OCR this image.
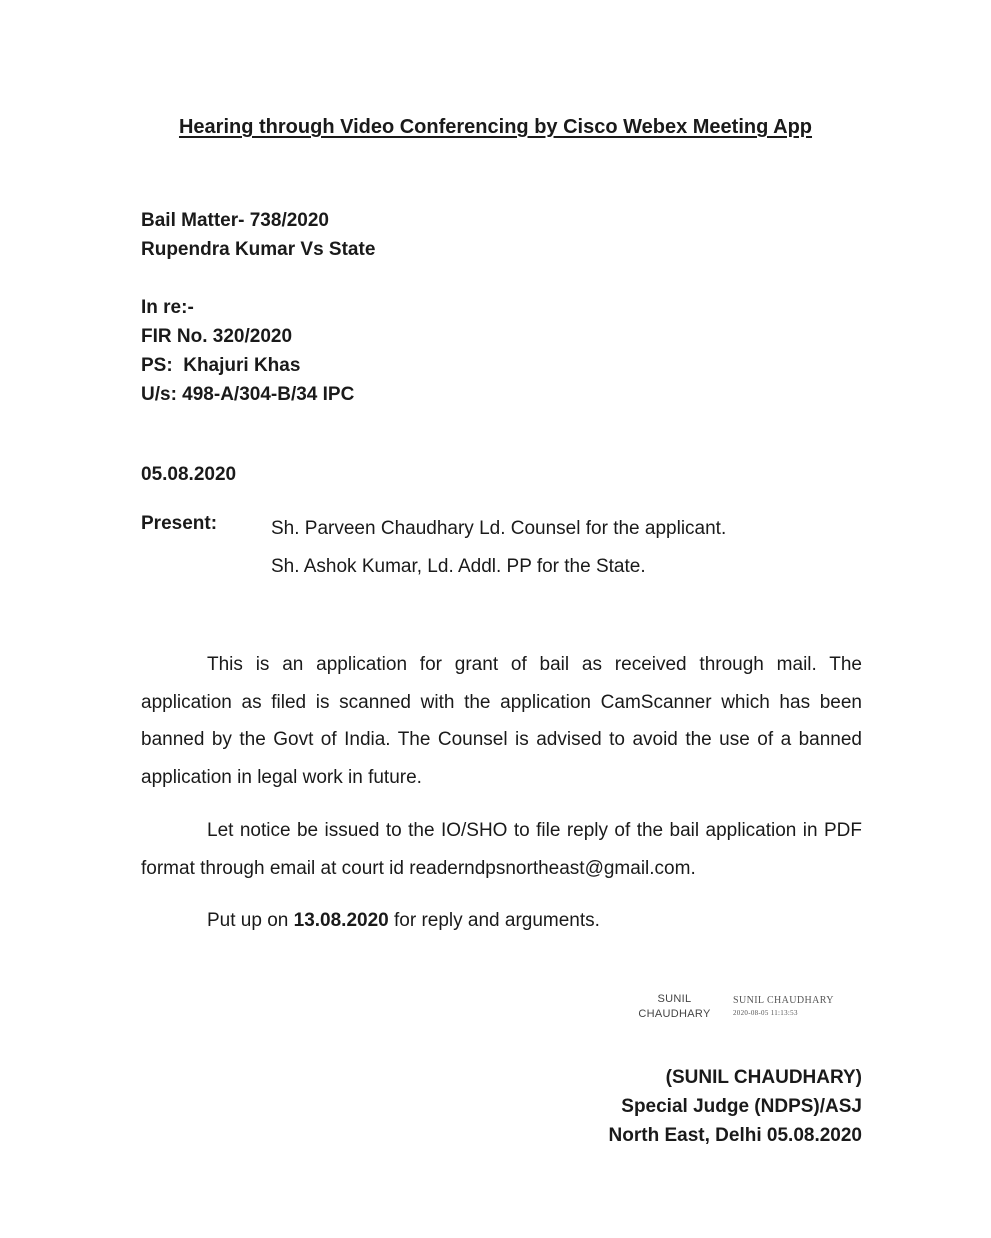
Hearing through Video Conferencing by Cisco Webex Meeting App
Bail Matter- 738/2020
Rupendra Kumar Vs State
In re:-
FIR No. 320/2020
PS:  Khajuri Khas
U/s: 498-A/304-B/34 IPC
05.08.2020
Present:	Sh. Parveen Chaudhary Ld. Counsel for the applicant.
Sh. Ashok Kumar, Ld. Addl. PP for the State.
This is an application for grant of bail as received through mail. The application as filed is scanned with the application CamScanner which has been banned by the Govt of India. The Counsel is advised to avoid the use of a banned application in legal work in future.
Let notice be issued to the IO/SHO to file reply of the bail application in PDF format through email at court id readerndpsnortheast@gmail.com.
Put up on 13.08.2020 for reply and arguments.
SUNIL
CHAUDHARY
SUNIL CHAUDHARY
2020-08-05 11:13:53
(SUNIL CHAUDHARY)
Special Judge (NDPS)/ASJ
North East, Delhi 05.08.2020
